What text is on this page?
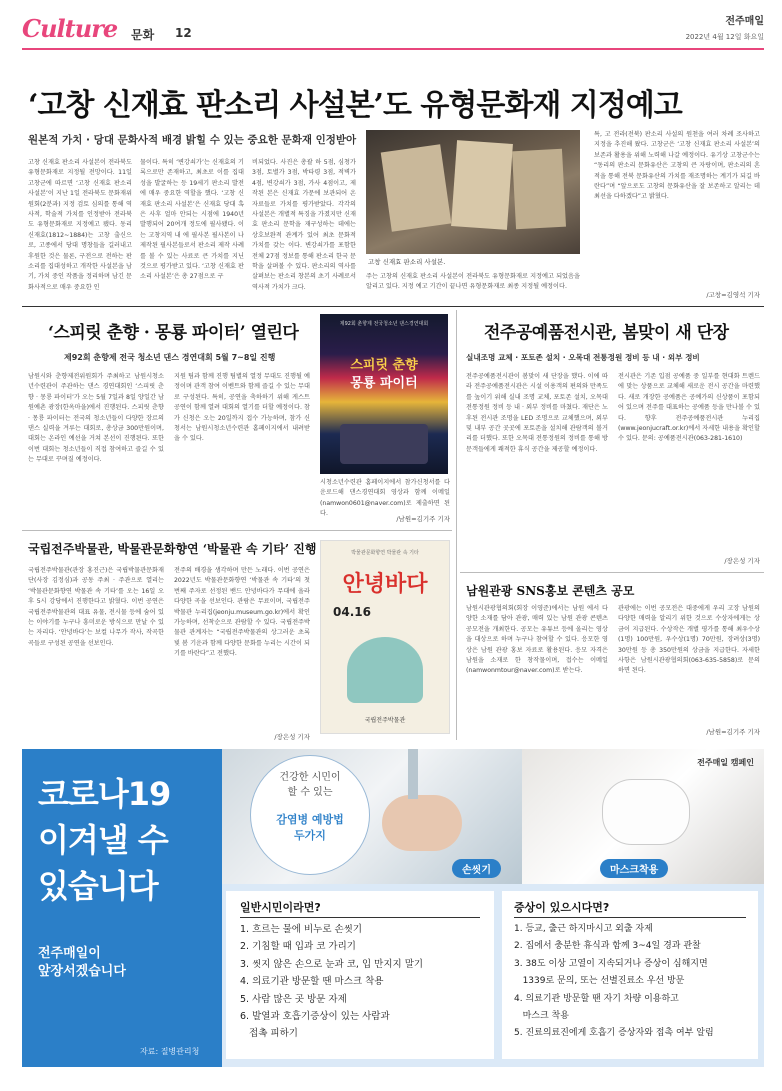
Culture 문화 12
전주매일
2022년 4월 12일 화요일
‘고창 신재효 판소리 사설본’도 유형문화재 지정예고
원본적 가치 · 당대 문화사적 배경 밝힐 수 있는 중요한 문화재 인정받아
고창 신재효 판소리 사설본이 전라북도 유형문화재로 지정될 전망이다. 11일 고창군에 따르면 ‘고창 신재효 판소리 사설본’이 지난 1일 전라북도 문화재위원회(2분과) 지정 검토 심의를 통해 역사적, 학술적 가치를 인정받아 전라북도 유형문화재로 지정예고 됐다. 동리 신재효(1812~1884)는 고창 출신으로, 고종에서 당대 명창들을 길러내고 후원한 것은 물론, 구전으로 전하는 판소리를 집대성하고 개작한 사설본을 남기, 가치 중인 작품을 정리하며 남긴 문화사적으로 매우 중요한 인
물이다. 특히 ‘변강쇠가’는 신재효의 기록으로만 존재하고, 최초로 이를 집대성을 발굴하는 등 19세기 판소리 발전에 매우 중요한 역할을 했다. ‘고창 신재효 판소리 사설본’은 신재효 당대 혹은 사후 얼마 안되는 시점에 1940년 발행되어 20여개 정도에 필사됐다. 이는 고창지역 내 에 필사본 필사본이 나 제작된 필사본들로서 판소리 제작 사례를 볼 수 있는 사료로 큰 가치를 지닌 것으로 평가받고 있다. ‘고창 신재효 판소리 사설본’은 총 27점으로 구
비되었다. 사진은 총괄 하 5점, 심청가 3점, 토별가 3점, 박타령 3점, 적벽가 4점, 변강쇠가 3점, 가사 4점이고, 제작된 본은 신재효 가문에 보관되어 온 자료들로 가치를 평가받았다. 각각의 사설본은 개별적 특징을 가졌지만 신재효 판소리 문학을 재구성하는 데에는 상호보완적 관계가 있어 최초 문화적 가치를 갖는 이다. 변강쇠가를 포함한 전체 27점 정보를 통해 판소리 한국 문학을 살펴볼 수 있다. 판소리의 역사를 살펴보는 판소리 창본의 초기 사례로서 역사적 가치가 크다.
고창 신재효 판소리 사설본.
주는 고창의 신재효 판소리 사설본이 전라북도 유형문화재로 지정예고 되었음을 알리고 있다. 지정 예고 기간이 끝나면 유형문화재로 최종 지정될 예정이다.
특, 고 전라(전북) 판소리 사설의 원천을 여러 차례 조사하고 지정을 추진해 왔다. 고창군은 ‘고창 신재효 판소리 사설본’의 보존과 활용을 위해 노력해 나갈 예정이다. 유기상 고창군수는 “동리의 판소리 문화유산은 고창의 큰 자랑이며, 판소리의 흔적을 통해 전북 문화유산의 가치를 재조명하는 계기가 되길 바란다”며 “앞으로도 고창의 문화유산을 잘 보존하고 알리는 데 최선을 다하겠다”고 밝혔다.
/고창=김영석 기자
‘스피릿 춘향 · 몽룡 파이터’ 열린다
제92회 춘향제 전국 청소년 댄스 경연대회 5월 7~8일 진행
남원시와 춘향제전위원회가 주최하고 남원시청소년수련관이 주관하는 댄스 경연대회인 ‘스피릿 춘향 · 몽룡 파이터’가 오는 5월 7일과 8일 양일간 남원예촌 광장(한옥마을)에서 진행된다. 스피릿 춘향 · 몽룡 파이터는 전국의 청소년들이 다양한 장르의 댄스 실력을 겨루는 대회로, 총상금 300만원이며, 대회는 온라인 예선을 거쳐 본선이 진행된다. 또한 이번 대회는 청소년들이 직접 참여하고 즐길 수 있는 무대로 꾸며질 예정이다.
지원 팀과 함께 진행 팀별의 열정 무대도 진행될 예정이며 관객 참여 이벤트와 함께 즐길 수 있는 무대로 구성된다. 특히, 공연을 축하하기 위해 게스트 공연이 함께 열려 대회의 열기를 더할 예정이다. 참가 신청은 오는 20일까지 접수 가능하며, 참가 신청서는 남원시청소년수련관 홈페이지에서 내려받을 수 있다.
제92회 춘향제 전국청소년 댄스경연대회
스피릿 춘향
몽룡 파이터
시청소년수련관 홈페이지에서 참가신청서를 다운로드해 댄스경연대회 영상과 함께 이메일 (namwon0601@naver.com)로 제출하면 된다.
/남원=김기주 기자
전주공예품전시관, 봄맞이 새 단장
실내조명 교체 · 포토존 설치 · 오목대 전통정원 정비 등 내 · 외부 정비
전주공예품전시관이 봄맞이 새 단장을 했다. 이에 따라 전주공예품전시관은 시설 이용객의 편의와 만족도를 높이기 위해 실내 조명 교체, 포토존 설치, 오목대 전통정원 정비 등 내 · 외부 정비를 마쳤다. 재단은 노후된 전시관 조명을 LED 조명으로 교체했으며, 외부 및 내부 공간 곳곳에 포토존을 설치해 관람객의 볼거리를 더했다. 또한 오목대 전통정원의 정비를 통해 방문객들에게 쾌적한 휴식 공간을 제공할 예정이다.
전시관은 기존 입점 공예품 중 일부를 현대화 트렌드에 맞는 상품으로 교체해 새로운 전시 공간을 마련했다. 새로 개장한 공예품은 공예가의 신상품이 포함되어 있으며 전주를 대표하는 공예품 등을 만나볼 수 있다. 향후 전주공예품전시관 누리집(www.jeonjucraft.or.kr)에서 자세한 내용을 확인할 수 있다. 문의: 공예품전시관(063-281-1610)
/장은성 기자
국립전주박물관, 박물관문화향연 ‘박물관 속 기타’ 진행
국립전주박물관(관장 홍진근)은 국립박물관문화재단(사장 김정심)과 공동 주최 · 주관으로 열리는 ‘박물관문화향연 박물관 속 기타’를 오는 16일 오후 5시 강당에서 진행한다고 밝혔다. 이번 공연은 국립전주박물관의 대표 유물, 전시물 등에 숨어 있는 이야기를 누구나 흥미로운 방식으로 만날 수 있는 자리다. ‘안녕바다’는 보컬 나무가 작사, 작곡한 곡들로 구성된 공연을 선보인다.
전주의 배경을 생각하며 만든 노래다. 이번 공연은 2022년도 박물관문화향연 ‘박물관 속 기타’의 첫 번째 주자로 선정된 밴드 안녕바다가 무대에 올라 다양한 곡을 선보인다. 관람은 무료이며, 국립전주박물관 누리집(jeonju.museum.go.kr)에서 확인 가능하며, 선착순으로 관람할 수 있다. 국립전주박물관 관계자는 “국립전주박물관의 상그러운 초록빛 봄 기운과 함께 다양한 문화를 누리는 시간이 되기를 바란다”고 전했다.
/장은성 기자
박물관문화향연 박물관 속 기타
안녕바다
04.16
국립전주박물관
남원관광 SNS홍보 콘텐츠 공모
남원시관광협의회(회장 이영준)에서는 남원 에서 다양한 소재를 담아 관광, 매력 있는 남원 관광 콘텐츠 공모전을 개최한다. 공모는 유튜브 등에 올리는 영상을 대상으로 하며 누구나 참여할 수 있다. 응모한 영상은 남원 관광 홍보 자료로 활용된다. 응모 자격은 남원을 소재로 한 창작물이며, 접수는 이메일(namwonmtour@naver.com)로 받는다.
관광에는 이번 공모전은 대중에게 우리 고장 남원의 다양한 매력을 알리기 위한 것으로 수상자에게는 상금이 지급된다. 수상작은 개별 평가를 통해 최우수상(1명) 100만원, 우수상(1명) 70만원, 장려상(3명) 30만원 등 총 350만원의 상금을 지급한다. 자세한 사항은 남원시관광협의회(063-635-5858)로 문의하면 된다.
/남원=김기주 기자
코로나19
이겨낼 수
있습니다
전주매일이
앞장서겠습니다
자료: 질병관리청
전주매일 캠페인
건강한 시민이
할 수 있는
감염병 예방법
두가지
손씻기	마스크착용
일반시민이라면?
1. 흐르는 물에 비누로 손씻기
2. 기침할 때 입과 코 가리기
3. 씻지 않은 손으로 눈과 코, 입 만지지 말기
4. 의료기관 방문할 땐 마스크 착용
5. 사람 많은 곳 방문 자제
6. 발열과 호흡기증상이 있는 사람과
접촉 피하기
증상이 있으시다면?
1. 등교, 출근 하지마시고 외출 자제
2. 집에서 충분한 휴식과 함께 3~4일 경과 관찰
3. 38도 이상 고열이 지속되거나 증상이 심해지면
1339로 문의, 또는 선별진료소 우선 방문
4. 의료기관 방문할 땐 자기 차량 이용하고
마스크 착용
5. 진료의료진에게 호흡기 증상자와 접촉 여부 알림
